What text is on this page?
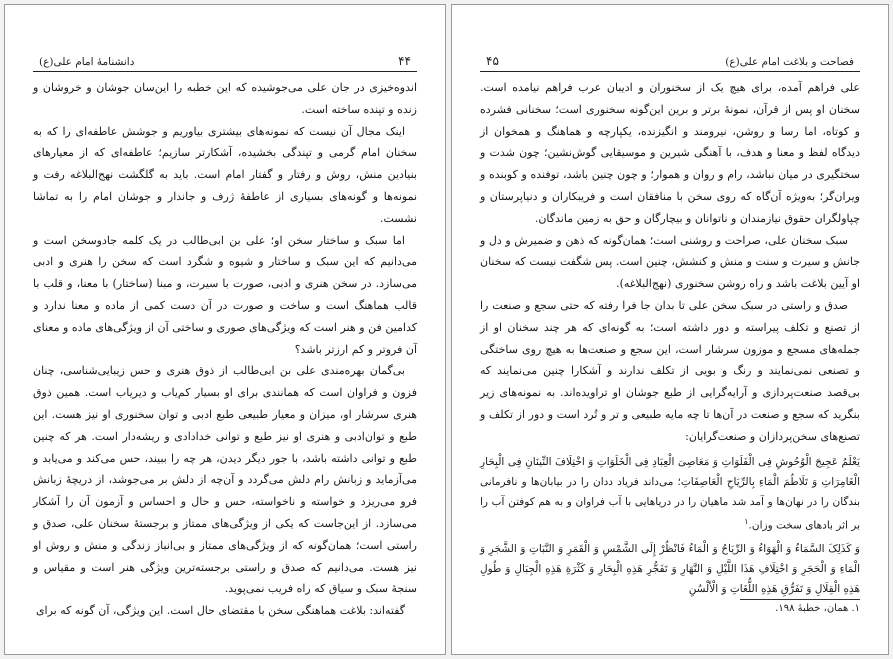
۴۴
دانشنامهٔ امام علی(ع)

اندوه‌خیزی در جان علی می‌جوشیده که این خطبه را این‌سان جوشان و خروشان و زنده و تپنده ساخته است.

اینک مجال آن نیست که نمونه‌های بیشتری بیاوریم و جوشش عاطفه‌ای را که به سخنان امام گرمی و تپندگی بخشیده، آشکارتر سازیم؛ عاطفه‌ای که از معیارهای بنیادین منش، روش و رفتار و گفتار امام است. باید به گلگشت نهج‌البلاغه رفت و نمونه‌ها و گونه‌های بسیاری از عاطفهٔ ژرف و جاندار و جوشان امام را به تماشا نشست.

اما سبک و ساختار سخن او؛ علی بن ابی‌طالب در یک کلمه جادوسخن است و می‌دانیم که این سبک و ساختار و شیوه و شگرد است که سخن را هنری و ادبی می‌سازد. در سخن هنری و ادبی، صورت با سیرت، و مبنا (ساختار) با معنا، و قلب با قالب هماهنگ است و ساخت و صورت در آن دست کمی از ماده و معنا ندارد و کدامین فن و هنر است که ویژگی‌های صوری و ساختی آن از ویژگی‌های ماده و معنای آن فروتر و کم ارزتر باشد؟

بی‌گمان بهره‌مندی علی بن ابی‌طالب از ذوق هنری و حس زیبایی‌شناسی، چنان فزون و فراوان است که همانندی برای او بسیار کم‌یاب و دیریاب است. همین ذوق هنری سرشار او، میزان و معیار طبیعی طبع ادبی و توان سخنوری او نیز هست. این طبع و توان‌ادبی و هنری او نیز طبع و توانی خدادادی و ریشه‌دار است. هر که چنین طبع و توانی داشته باشد، با جور دیگر دیدن، هر چه را ببیند، حس می‌کند و می‌یابد و می‌آزماید و زبانش رام دلش می‌گردد و آن‌چه از دلش بر می‌جوشد، از دریچهٔ زبانش فرو می‌ریزد و خواسته و ناخواسته، حس و حال و احساس و آزمون آن را آشکار می‌سازد. از این‌جا‌ست که یکی از ویژگی‌های ممتاز و برجستهٔ سخنان علی، صدق و راستی است؛ همان‌گونه که از ویژگی‌های ممتاز و بی‌انباز زندگی و منش و روش او نیز هست. می‌دانیم که صدق و راستی برجسته‌ترین ویژگی هنر است و مقیاس و سنجهٔ سبک و سیاق که راه فریب نمی‌پوید.

گفته‌اند: بلاغت هماهنگی سخن با مقتضای حال است. این ویژگی، آن گونه که برای

۴۵	فصاحت و بلاغت امام علی(ع)

علی فراهم آمده، برای هیچ یک از سخنوران و ادیبان عرب فراهم نیامده است. سخنان او پس از قرآن، نمونهٔ برتر و برین این‌گونه سخنوری است؛ سخنانی فشرده و کوتاه، اما رسا و روشن، نیرومند و انگیزنده، یکپارچه و هماهنگ و همخوان از دیدگاه لفظ و معنا و هدف، با آهنگی شیرین و موسیقایی گوش‌نشین؛ چون شدت و سختگیری در میان نباشد، رام و روان و هموار؛ و چون چنین باشد، توفنده و کوبنده و ویران‌گر؛ به‌ویژه آن‌گاه که روی سخن با منافقان است و فریبکاران و دنیاپرستان و چپاولگران حقوق نیازمندان و ناتوانان و بیچارگان و حق به زمین ماندگان.

سبک سخنان علی، صراحت و روشنی است؛ همان‌گونه که ذهن و ضمیرش و دل و جانش و سیرت و سنت و منش و کنشش، چنین است. پس شگفت نیست که سخنان او آیین بلاغت باشد و راه روشن سخنوری (نهج‌البلاغه).

صدق و راستی در سبک سخن علی تا بدان جا فرا رفته که حتی سجع و صنعت را از تصنع و تکلف پیراسته و دور داشته است؛ به گونه‌ای که هر چند سخنان او از جمله‌های مسجع و موزون سرشار است، این سجع و صنعت‌ها به هیچ روی ساختگی و تصنعی نمی‌نمایند و رنگ و بویی از تکلف ندارند و آشکارا چنین می‌نمایند که بی‌قصد صنعت‌پردازی و آرایه‌گرایی از طبع جوشان او تراویده‌اند. به نمونه‌های زیر بنگرید که سجع و صنعت در آن‌ها تا چه مایه طبیعی و تر و تُرد است و دور از تکلف و تصنع‌های سخن‌پردازان و صنعت‌گرایان:

یَعْلَمُ عَجِیجَ الْوُحُوشِ فِی الْفَلَوَاتِ وَ مَعَاصِیَ الْعِبَادِ فِی الْخَلَوَاتِ وَ اخْتِلَافَ النِّینَانِ فِی الْبِحَارِ الْغَامِرَاتِ وَ تَلَاطُمَ الْمَاءِ بِالرِّیَاحِ الْعَاصِفَاتِ؛ می‌داند فریاد ددان را در بیابان‌ها و نافرمانی بندگان را در نهان‌ها و آمد شد ماهیان را در دریاهایی با آب فراوان و به هم کوفتن آب را بر اثر بادهای سخت وزان.$^۱$

وَ کَذَلِکَ السَّمَاءُ وَ الْهَوَاءُ وَ الرِّیَاحُ وَ الْمَاءُ فَانْظُرْ إِلَی الشَّمْسِ وَ الْقَمَرِ وَ النَّبَاتِ وَ الشَّجَرِ وَ الْمَاءِ وَ الْحَجَرِ وَ اخْتِلَافِ هَذَا اللَّیْلِ وَ النَّهَارِ وَ تَفَجُّرِ هَذِهِ الْبِحَارِ وَ کَثْرَةِ هَذِهِ الْجِبَالِ وَ طُولِ هَذِهِ الْقِلَالِ وَ تَفَرُّقِ هَذِهِ اللُّغَاتِ وَ الْأَلْسُنِ

۱. همان، خطبهٔ ۱۹۸.
